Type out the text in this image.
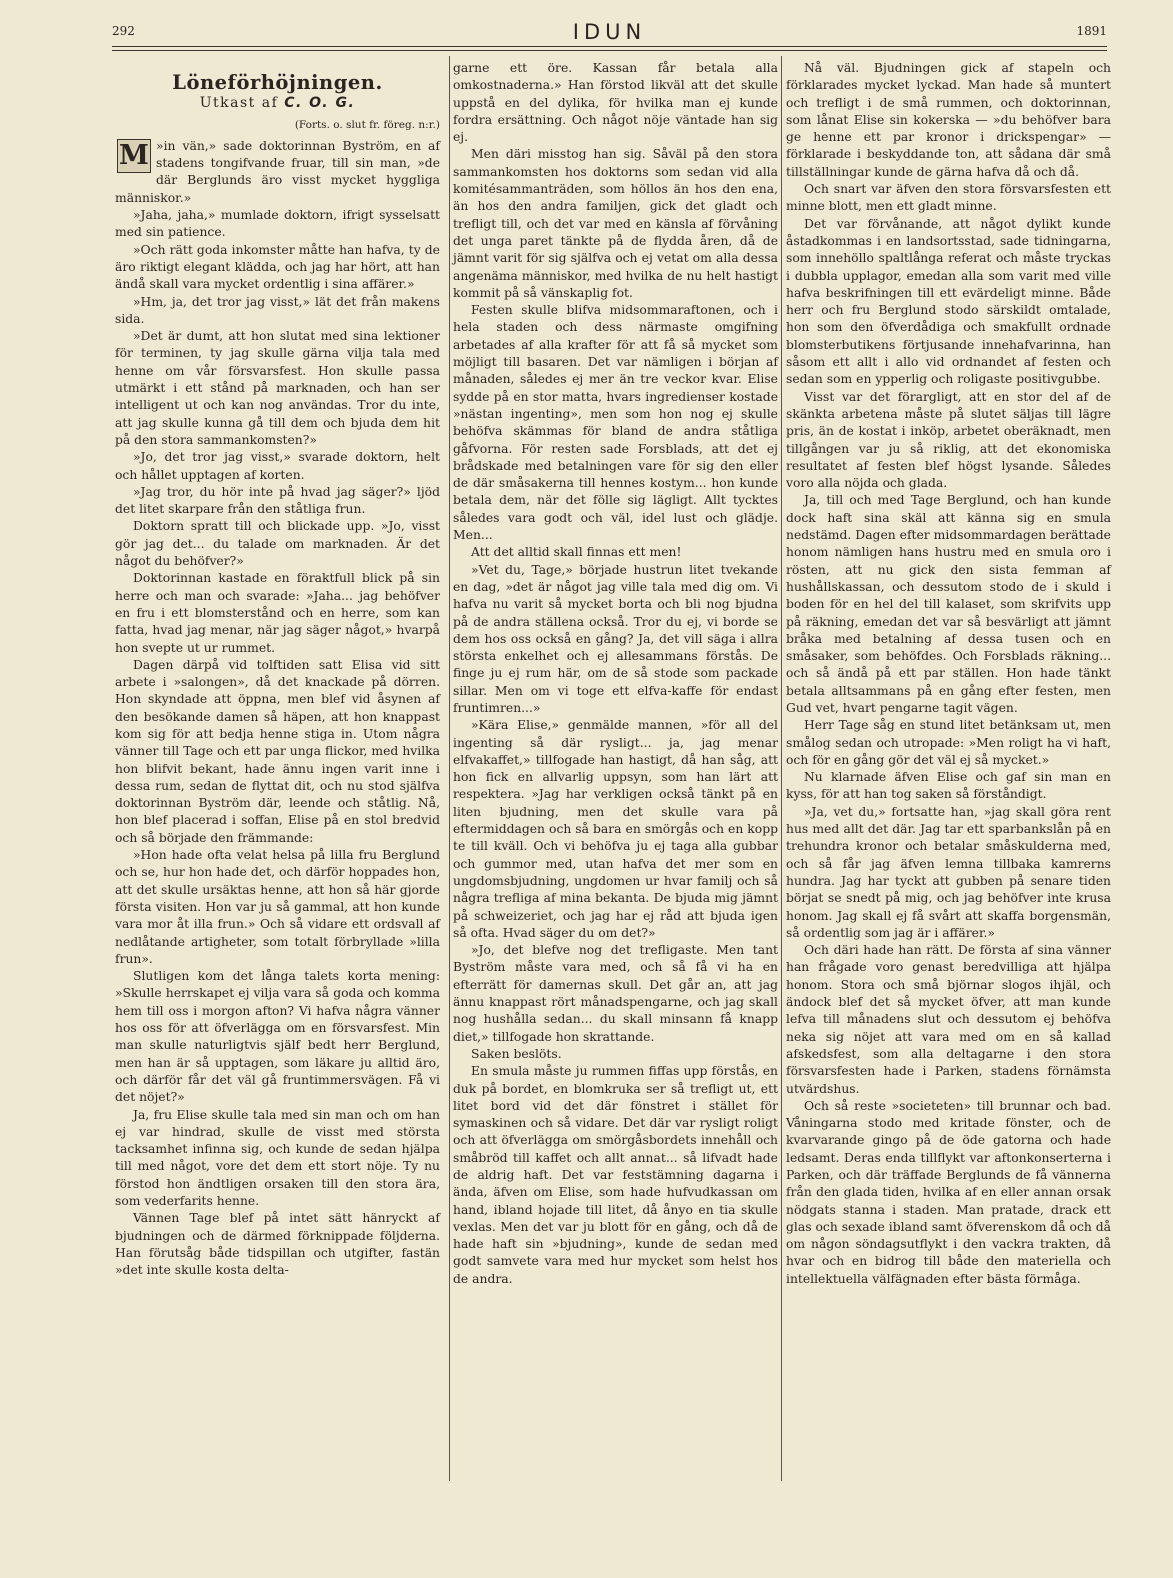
292	IDUN	1891
Löneförhöjningen.
Utkast af C. O. G.
(Forts. o. slut fr. föreg. n:r.)

»
M in vän,» sade doktorinnan Byström, en af stadens tongifvande fruar, till sin man, »de där Berglunds äro visst mycket hyggliga människor.»

»Jaha, jaha,» mumlade doktorn, ifrigt sysselsatt med sin patience.

»Och rätt goda inkomster måtte han hafva, ty de äro riktigt elegant klädda, och jag har hört, att han ändå skall vara mycket ordentlig i sina affärer.»

»Hm, ja, det tror jag visst,» lät det från makens sida.

»Det är dumt, att hon slutat med sina lektioner för terminen, ty jag skulle gärna vilja tala med henne om vår försvarsfest. Hon skulle passa utmärkt i ett stånd på marknaden, och han ser intelligent ut och kan nog användas. Tror du inte, att jag skulle kunna gå till dem och bjuda dem hit på den stora sammankomsten?»

»Jo, det tror jag visst,» svarade doktorn, helt och hållet upptagen af korten.

»Jag tror, du hör inte på hvad jag säger?» ljöd det litet skarpare från den ståtliga frun.

Doktorn spratt till och blickade upp. »Jo, visst gör jag det... du talade om marknaden. Är det något du behöfver?»

Doktorinnan kastade en föraktfull blick på sin herre och man och svarade: »Jaha... jag behöfver en fru i ett blomsterstånd och en herre, som kan fatta, hvad jag menar, när jag säger något,» hvarpå hon svepte ut ur rummet.

Dagen därpå vid tolftiden satt Elisa vid sitt arbete i »salongen», då det knackade på dörren. Hon skyndade att öppna, men blef vid åsynen af den besökande damen så häpen, att hon knappast kom sig för att bedja henne stiga in. Utom några vänner till Tage och ett par unga flickor, med hvilka hon blifvit bekant, hade ännu ingen varit inne i dessa rum, sedan de flyttat dit, och nu stod själfva doktorinnan Byström där, leende och ståtlig. Nå, hon blef placerad i soffan, Elise på en stol bredvid och så började den främmande:

»Hon hade ofta velat helsa på lilla fru Berglund och se, hur hon hade det, och därför hoppades hon, att det skulle ursäktas henne, att hon så här gjorde första visiten. Hon var ju så gammal, att hon kunde vara mor åt illa frun.» Och så vidare ett ordsvall af nedlåtande artigheter, som totalt förbryllade »lilla frun».

Slutligen kom det långa talets korta mening: »Skulle herrskapet ej vilja vara så goda och komma hem till oss i morgon afton? Vi hafva några vänner hos oss för att öfverlägga om en försvarsfest. Min man skulle naturligtvis själf bedt herr Berglund, men han är så upptagen, som läkare ju alltid äro, och därför får det väl gå fruntimmersvägen. Få vi det nöjet?»

Ja, fru Elise skulle tala med sin man och om han ej var hindrad, skulle de visst med största tacksamhet infinna sig, och kunde de sedan hjälpa till med något, vore det dem ett stort nöje. Ty nu förstod hon ändtligen orsaken till den stora ära, som vederfarits henne.

Vännen Tage blef på intet sätt hänryckt af bjudningen och de därmed förknippade följderna. Han förutsåg både tidspillan och utgifter, fastän »det inte skulle kosta delta-

garne ett öre. Kassan får betala alla omkostnaderna.» Han förstod likväl att det skulle uppstå en del dylika, för hvilka man ej kunde fordra ersättning. Och något nöje väntade han sig ej.

Men däri misstog han sig. Såväl på den stora sammankomsten hos doktorns som sedan vid alla komitésammanträden, som höllos än hos den ena, än hos den andra familjen, gick det gladt och trefligt till, och det var med en känsla af förvåning det unga paret tänkte på de flydda åren, då de jämnt varit för sig själfva och ej vetat om alla dessa angenäma människor, med hvilka de nu helt hastigt kommit på så vänskaplig fot.

Festen skulle blifva midsommaraftonen, och i hela staden och dess närmaste omgifning arbetades af alla krafter för att få så mycket som möjligt till basaren. Det var nämligen i början af månaden, således ej mer än tre veckor kvar. Elise sydde på en stor matta, hvars ingredienser kostade »nästan ingenting», men som hon nog ej skulle behöfva skämmas för bland de andra ståtliga gåfvorna. För resten sade Forsblads, att det ej brådskade med betalningen vare för sig den eller de där småsakerna till hennes kostym... hon kunde betala dem, när det fölle sig lägligt. Allt tycktes således vara godt och väl, idel lust och glädje. Men...

Att det alltid skall finnas ett men!

»Vet du, Tage,» började hustrun litet tvekande en dag, »det är något jag ville tala med dig om. Vi hafva nu varit så mycket borta och bli nog bjudna på de andra ställena också. Tror du ej, vi borde se dem hos oss också en gång? Ja, det vill säga i allra största enkelhet och ej allesammans förstås. De finge ju ej rum här, om de så stode som packade sillar. Men om vi toge ett elfva-kaffe för endast fruntimren...»

»Kära Elise,» genmälde mannen, »för all del ingenting så där rysligt... ja, jag menar elfvakaffet,» tillfogade han hastigt, då han såg, att hon fick en allvarlig uppsyn, som han lärt att respektera. »Jag har verkligen också tänkt på en liten bjudning, men det skulle vara på eftermiddagen och så bara en smörgås och en kopp te till kväll. Och vi behöfva ju ej taga alla gubbar och gummor med, utan hafva det mer som en ungdomsbjudning, ungdomen ur hvar familj och så några trefliga af mina bekanta. De bjuda mig jämnt på schweizeriet, och jag har ej råd att bjuda igen så ofta. Hvad säger du om det?»

»Jo, det blefve nog det trefligaste. Men tant Byström måste vara med, och så få vi ha en efterrätt för damernas skull. Det går an, att jag ännu knappast rört månadspengarne, och jag skall nog hushålla sedan... du skall minsann få knapp diet,» tillfogade hon skrattande.

Saken beslöts.

En smula måste ju rummen fiffas upp förstås, en duk på bordet, en blomkruka ser så trefligt ut, ett litet bord vid det där fönstret i stället för symaskinen och så vidare. Det där var rysligt roligt och att öfverlägga om smörgåsbordets innehåll och småbröd till kaffet och allt annat... så lifvadt hade de aldrig haft. Det var feststämning dagarna i ända, äfven om Elise, som hade hufvudkassan om hand, ibland hojade till litet, då ånyo en tia skulle vexlas. Men det var ju blott för en gång, och då de hade haft sin »bjudning», kunde de sedan med godt samvete vara med hur mycket som helst hos de andra.

Nå väl. Bjudningen gick af stapeln och förklarades mycket lyckad. Man hade så muntert och trefligt i de små rummen, och doktorinnan, som lånat Elise sin kokerska — »du behöfver bara ge henne ett par kronor i drickspengar» — förklarade i beskyddande ton, att sådana där små tillställningar kunde de gärna hafva då och då.

Och snart var äfven den stora försvarsfesten ett minne blott, men ett gladt minne.

Det var förvånande, att något dylikt kunde åstadkommas i en landsortsstad, sade tidningarna, som innehöllo spaltlånga referat och måste tryckas i dubbla upplagor, emedan alla som varit med ville hafva beskrifningen till ett evärdeligt minne. Både herr och fru Berglund stodo särskildt omtalade, hon som den öfverdådiga och smakfullt ordnade blomsterbutikens förtjusande innehafvarinna, han såsom ett allt i allo vid ordnandet af festen och sedan som en ypperlig och roligaste positivgubbe.

Visst var det förargligt, att en stor del af de skänkta arbetena måste på slutet säljas till lägre pris, än de kostat i inköp, arbetet oberäknadt, men tillgången var ju så riklig, att det ekonomiska resultatet af festen blef högst lysande. Således voro alla nöjda och glada.

Ja, till och med Tage Berglund, och han kunde dock haft sina skäl att känna sig en smula nedstämd. Dagen efter midsommardagen berättade honom nämligen hans hustru med en smula oro i rösten, att nu gick den sista femman af hushållskassan, och dessutom stodo de i skuld i boden för en hel del till kalaset, som skrifvits upp på räkning, emedan det var så besvärligt att jämnt bråka med betalning af dessa tusen och en småsaker, som behöfdes. Och Forsblads räkning... och så ändå på ett par ställen. Hon hade tänkt betala alltsammans på en gång efter festen, men Gud vet, hvart pengarne tagit vägen.

Herr Tage såg en stund litet betänksam ut, men smålog sedan och utropade: »Men roligt ha vi haft, och för en gång gör det väl ej så mycket.»

Nu klarnade äfven Elise och gaf sin man en kyss, för att han tog saken så förståndigt.

»Ja, vet du,» fortsatte han, »jag skall göra rent hus med allt det där. Jag tar ett sparbankslån på en trehundra kronor och betalar småskulderna med, och så får jag äfven lemna tillbaka kamrerns hundra. Jag har tyckt att gubben på senare tiden börjat se snedt på mig, och jag behöfver inte krusa honom. Jag skall ej få svårt att skaffa borgensmän, så ordentlig som jag är i affärer.»

Och däri hade han rätt. De första af sina vänner han frågade voro genast beredvilliga att hjälpa honom. Stora och små björnar slogos ihjäl, och ändock blef det så mycket öfver, att man kunde lefva till månadens slut och dessutom ej behöfva neka sig nöjet att vara med om en så kallad afskedsfest, som alla deltagarne i den stora försvarsfesten hade i Parken, stadens förnämsta utvärdshus.

Och så reste »societeten» till brunnar och bad. Våningarna stodo med kritade fönster, och de kvarvarande gingo på de öde gatorna och hade ledsamt. Deras enda tillflykt var aftonkonserterna i Parken, och där träffade Berglunds de få vännerna från den glada tiden, hvilka af en eller annan orsak nödgats stanna i staden. Man pratade, drack ett glas och sexade ibland samt öfverenskom då och då om någon söndagsutflykt i den vackra trakten, då hvar och en bidrog till både den materiella och intellektuella välfägnaden efter bästa förmåga.
